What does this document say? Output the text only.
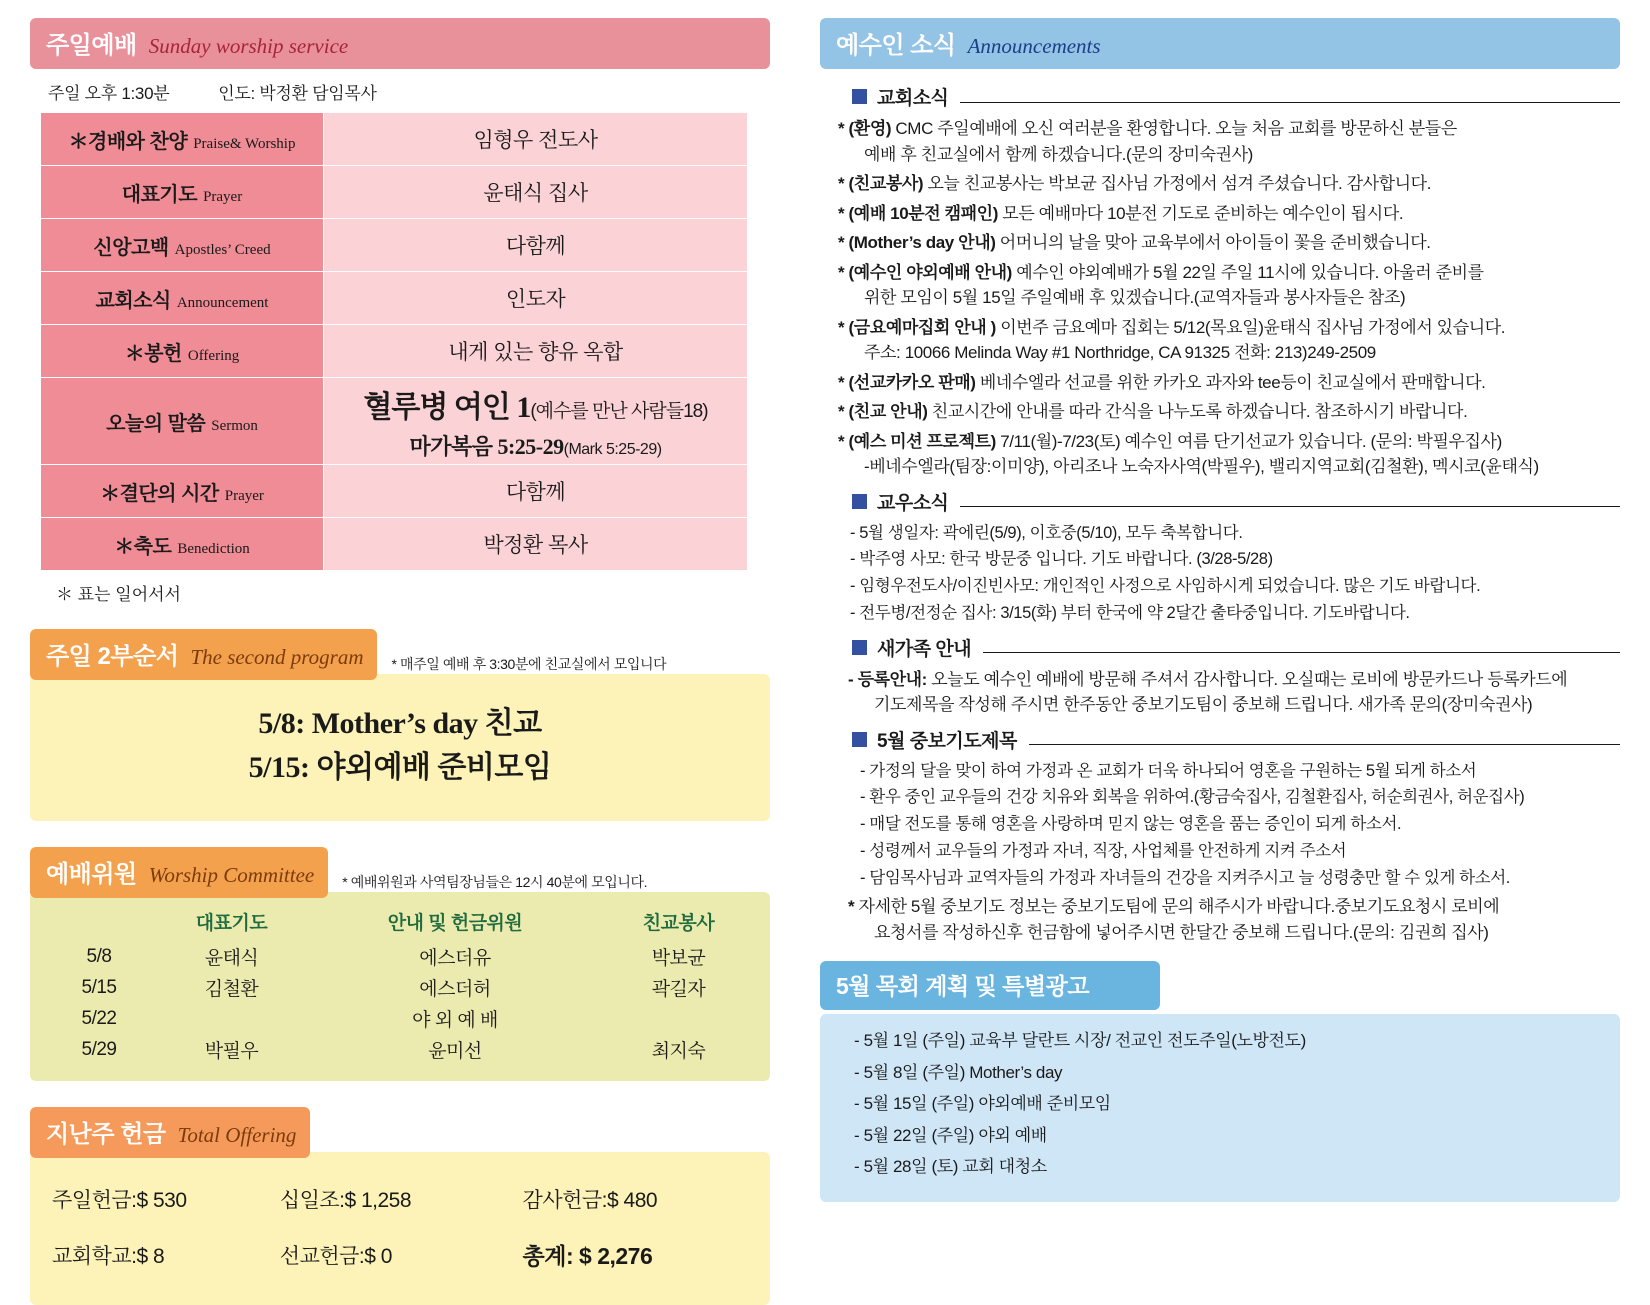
주일예배 Sunday worship service
주일 오후 1:30분	인도: 박정환 담임목사
＊경배와 찬양 Praise& Worship	임형우 전도사
대표기도 Prayer	윤태식 집사
신앙고백 Apostles’ Creed	다함께
교회소식 Announcement	인도자
＊봉헌 Offering	내게 있는 향유 옥합
오늘의 말씀 Sermon	혈루병 여인 1(예수를 만난 사람들18)
마가복음 5:25-29(Mark 5:25-29)

＊결단의 시간 Prayer	다함께
＊축도 Benediction	박정환 목사
＊ 표는 일어서서
주일 2부순서 The second program * 매주일 예배 후 3:30분에 친교실에서 모입니다
5/8: Mother’s day 친교
5/15: 야외예배 준비모임
예배위원 Worship Committee * 예배위원과 사역팀장님들은 12시 40분에 모입니다.
	대표기도	안내 및 헌금위원	친교봉사
5/8	윤태식	에스더유	박보균
5/15	김철환	에스더허	곽길자
5/22		야 외 예 배	
5/29	박필우	윤미선	최지숙
지난주 헌금 Total Offering
주일헌금:$ 530	십일조:$ 1,258	감사헌금:$ 480
교회학교:$ 8	선교헌금:$ 0	총계: $ 2,276
예수인 소식 Announcements
교회소식
* (환영) CMC 주일예배에 오신 여러분을 환영합니다. 오늘 처음 교회를 방문하신 분들은
예배 후 친교실에서 함께 하겠습니다.(문의 장미숙권사)
* (친교봉사) 오늘 친교봉사는 박보균 집사님 가정에서 섬겨 주셨습니다. 감사합니다.
* (예배 10분전 캠패인) 모든 예배마다 10분전 기도로 준비하는 예수인이 됩시다.
* (Mother’s day 안내) 어머니의 날을 맞아 교육부에서 아이들이 꽃을 준비했습니다.
* (예수인 야외예배 안내) 예수인 야외예배가 5월 22일 주일 11시에 있습니다. 아울러 준비를
위한 모임이 5월 15일 주일예배 후 있겠습니다.(교역자들과 봉사자들은 참조)
* (금요예마집회 안내 ) 이번주 금요예마 집회는 5/12(목요일)윤태식 집사님 가정에서 있습니다.
주소: 10066 Melinda Way #1 Northridge, CA 91325 전화: 213)249-2509
* (선교카카오 판매) 베네수엘라 선교를 위한 카카오 과자와 tee등이 친교실에서 판매합니다.
* (친교 안내) 친교시간에 안내를 따라 간식을 나누도록 하겠습니다. 참조하시기 바랍니다.
* (예스 미션 프로젝트) 7/11(월)-7/23(토) 예수인 여름 단기선교가 있습니다. (문의: 박필우집사)
-베네수엘라(팀장:이미양), 아리조나 노숙자사역(박필우), 밸리지역교회(김철환), 멕시코(윤태식)
교우소식
- 5월 생일자: 곽에린(5/9), 이호중(5/10), 모두 축복합니다.
- 박주영 사모: 한국 방문중 입니다. 기도 바랍니다. (3/28-5/28)
- 임형우전도사/이진빈사모: 개인적인 사정으로 사임하시게 되었습니다. 많은 기도 바랍니다.
- 전두병/전정순 집사: 3/15(화) 부터 한국에 약 2달간 출타중입니다. 기도바랍니다.
새가족 안내
- 등록안내: 오늘도 예수인 예배에 방문해 주셔서 감사합니다. 오실때는 로비에 방문카드나 등록카드에
기도제목을 작성해 주시면 한주동안 중보기도팀이 중보해 드립니다. 새가족 문의(장미숙권사)
5월 중보기도제목
- 가정의 달을 맞이 하여 가정과 온 교회가 더욱 하나되어 영혼을 구원하는 5월 되게 하소서
- 환우 중인 교우들의 건강 치유와 회복을 위하여.(황금숙집사, 김철환집사, 허순희권사, 허운집사)
- 매달 전도를 통해 영혼을 사랑하며 믿지 않는 영혼을 품는 증인이 되게 하소서.
- 성령께서 교우들의 가정과 자녀, 직장, 사업체를 안전하게 지켜 주소서
- 담임목사님과 교역자들의 가정과 자녀들의 건강을 지켜주시고 늘 성령충만 할 수 있게 하소서.
* 자세한 5월 중보기도 정보는 중보기도팀에 문의 해주시가 바랍니다.중보기도요청시 로비에
요청서를 작성하신후 헌금함에 넣어주시면 한달간 중보해 드립니다.(문의: 김권희 집사)
5월 목회 계획 및 특별광고
- 5월 1일 (주일) 교육부 달란트 시장/ 전교인 전도주일(노방전도)
- 5월 8일 (주일) Mother’s day
- 5월 15일 (주일) 야외예배 준비모임
- 5월 22일 (주일) 야외 예배
- 5월 28일 (토) 교회 대청소
